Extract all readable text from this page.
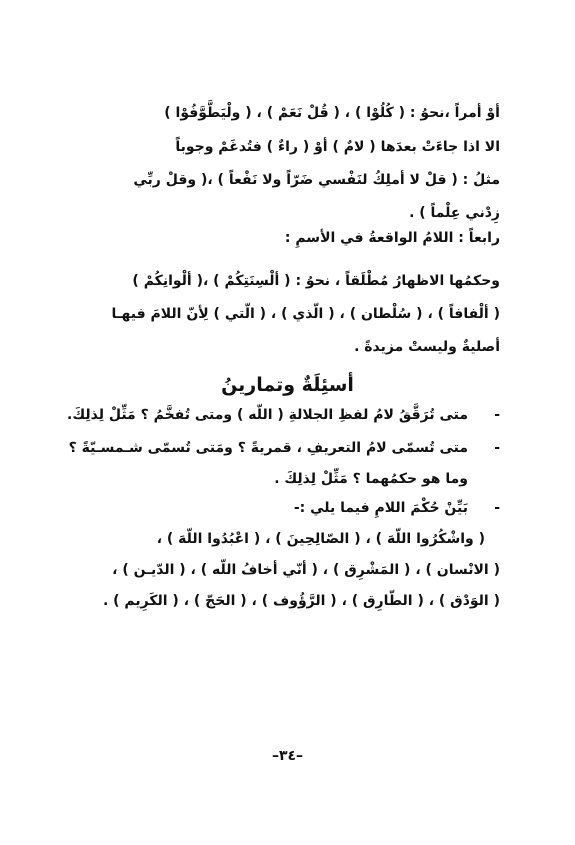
أوْ أمراً ،نحوُ : ( كُلُوْا ) ، ( قُلْ نَعَمْ ) ، ( ولْيَطَّوَّفُوْا )
الا اذا جاءَتْ بعدَها ( لامٌ ) أوْ ( راءٌ ) فتُدغَمْ وجوباً
مثلُ : ( قلْ لا أملِكُ لنَفْسي ضَرّاً ولا نَفْعاً ) ،( وقلْ ربِّي
زِدْني عِلْماً ) .
رابعاً : اللامُ الواقعةُ في الأسمِ :
وحكمُها الاظهارُ مُطْلَقاً ، نحوُ : ( ألْسِنَتِكُمْ ) ،( ألْوانِكُمْ )
( ألْفافاً ) ، ( سُلْطان ) ، ( الّذي ) ، ( الّتي ) لِأنّ اللامَ فيهـا
أصليةٌ وليستْ مزيدةً .
أسئِلَةٌ وتمارينُ
-
متى تُرَقَّقُ لامُ لفظِ الجلالةِ ( اللّه ) ومتى تُفخَّمُ ؟ مَثِّلْ لِذلِكَ.
-
متى تُسمّى لامُ التعريفِ ، قمريةً ؟ ومَتى تُسمّى شـمسـيّةً ؟
وما هو حكمُهما ؟ مَثِّلْ لِذلِكَ .
-
بَيِّنْ حُكْمَ اللامِ فيما يلي :-
( واشْكُرُوا اللّهَ ) ، ( الصّالِحِينَ ) ، ( اعْبُدُوا اللّهَ ) ،
( الانْسان ) ، ( المَشْرِق ) ، ( أنّي أخافُ اللّه ) ، ( الدّيـن ) ،
( الوَدْق ) ، ( الطّارِق ) ، ( الرَّؤُوف ) ، ( الحَجّ ) ، ( الكَرِيم ) .
–٣٤–
